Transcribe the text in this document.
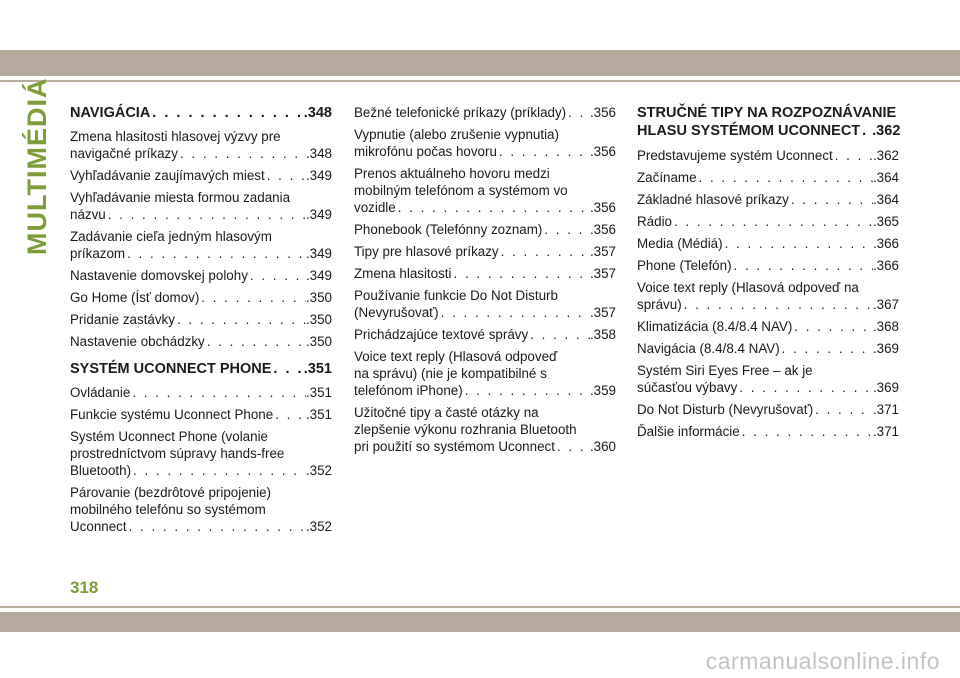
MULTIMÉDIÁ NAVIGÁCIA . . .	.348
Zmena hlasitosti hlasovej výzvy pre
navigačné príkazy . . .	.348
Vyhľadávanie zaujímavých miest . . .	.349
Vyhľadávanie miesta formou zadania
názvu . . .	.349
Zadávanie cieľa jedným hlasovým
príkazom . . .	.349
Nastavenie domovskej polohy . . .	.349
Go Home (Ísť domov) . . .	.350
Pridanie zastávky . . .	.350
Nastavenie obchádzky . . .	.350
SYSTÉM UCONNECT PHONE . . . .351
Ovládanie . . .	.351
Funkcie systému Uconnect Phone . . . .351
Systém Uconnect Phone (volanie
prostredníctvom súpravy hands-free
Bluetooth) . . .	.352
Párovanie (bezdrôtové pripojenie)
mobilného telefónu so systémom
Uconnect . . .	.352
Bežné telefonické príkazy (príklady) . . . .356
Vypnutie (alebo zrušenie vypnutia)
mikrofónu počas hovoru . . .	.356
Prenos aktuálneho hovoru medzi
mobilným telefónom a systémom vo
vozidle . . .	.356
Phonebook (Telefónny zoznam) . . .	.356
Tipy pre hlasové príkazy . . .	.357
Zmena hlasitosti . . .	.357
Používanie funkcie Do Not Disturb
(Nevyrušovať) . . .	.357
Prichádzajúce textové správy . . .	.358
Voice text reply (Hlasová odpoveď
na správu) (nie je kompatibilné s
telefónom iPhone) . . .	.359
Užitočné tipy a časté otázky na
zlepšenie výkonu rozhrania Bluetooth
pri použití so systémom Uconnect . . .	.360
STRUČNÉ TIPY NA ROZPOZNÁVANIE
HLASU SYSTÉMOM UCONNECT . . . .362
Predstavujeme systém Uconnect . . .	.362
Začíname . . .	.364
Základné hlasové príkazy . . .	.364
Rádio . . .	.365
Media (Médiá) . . .	.366
Phone (Telefón) . . .	.366
Voice text reply (Hlasová odpoveď na
správu) . . .	.367
Klimatizácia (8.4/8.4 NAV) . . .	.368
Navigácia (8.4/8.4 NAV) . . .	.369
Systém Siri Eyes Free – ak je
súčasťou výbavy . . .	.369
Do Not Disturb (Nevyrušovať) . . .	.371
Ďalšie informácie . . .	.371
318
carmanualsonline.info
